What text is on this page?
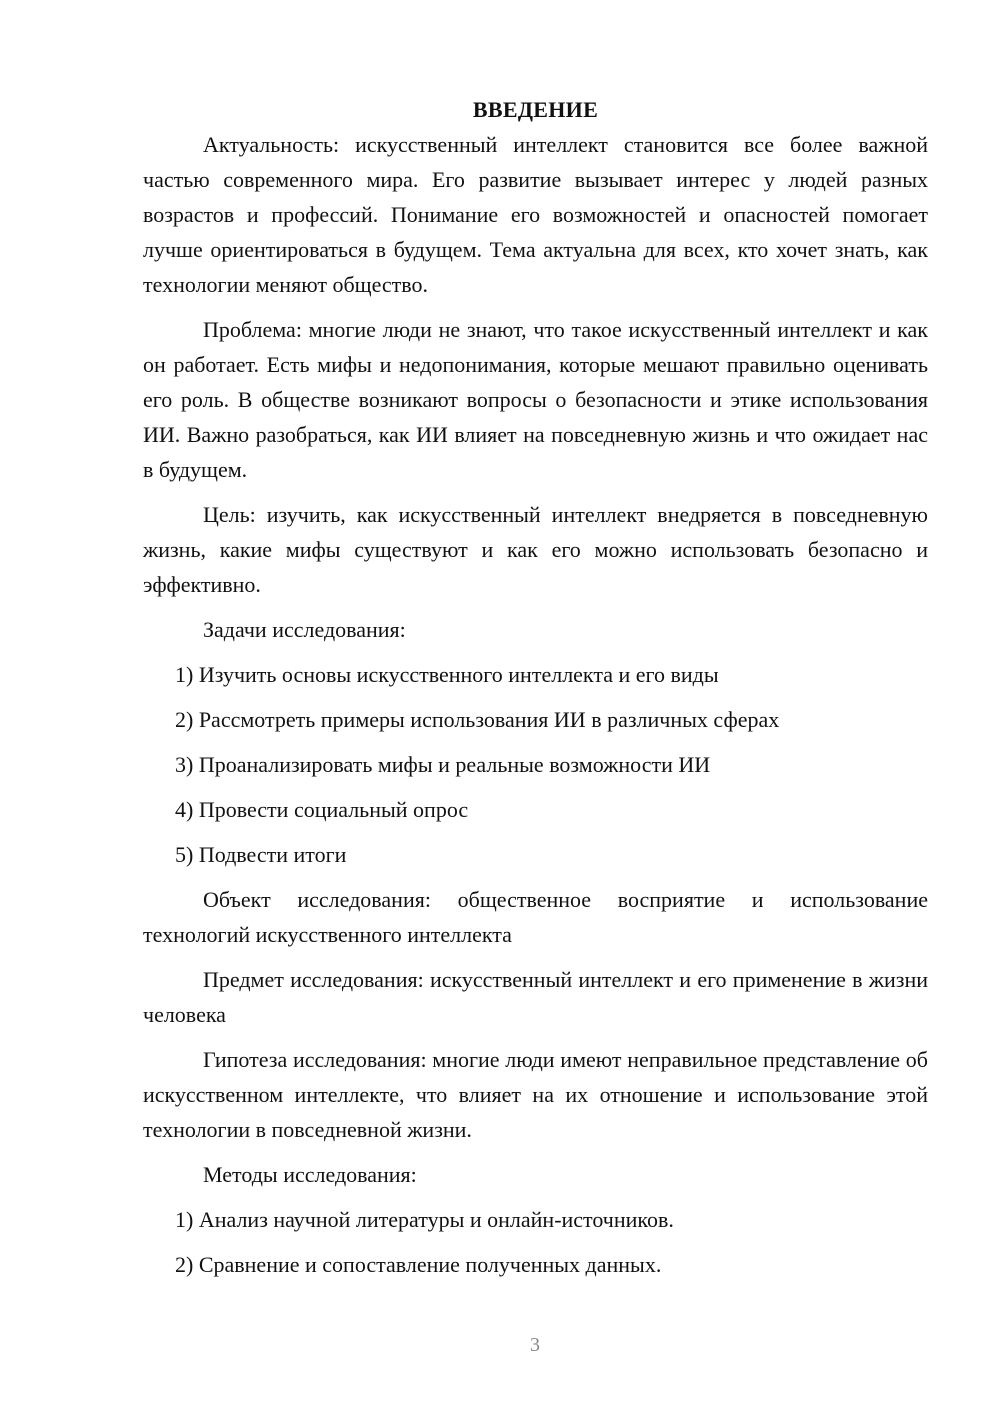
ВВЕДЕНИЕ

Актуальность: искусственный интеллект становится все более важной частью современного мира. Его развитие вызывает интерес у людей разных возрастов и профессий. Понимание его возможностей и опасностей помогает лучше ориентироваться в будущем. Тема актуальна для всех, кто хочет знать, как технологии меняют общество.

Проблема: многие люди не знают, что такое искусственный интеллект и как он работает. Есть мифы и недопонимания, которые мешают правильно оценивать его роль. В обществе возникают вопросы о безопасности и этике использования ИИ. Важно разобраться, как ИИ влияет на повседневную жизнь и что ожидает нас в будущем.

Цель: изучить, как искусственный интеллект внедряется в повседневную жизнь, какие мифы существуют и как его можно использовать безопасно и эффективно.

Задачи исследования:

1) Изучить основы искусственного интеллекта и его виды
2) Рассмотреть примеры использования ИИ в различных сферах
3) Проанализировать мифы и реальные возможности ИИ
4) Провести социальный опрос
5) Подвести итоги

Объект исследования: общественное восприятие и использование технологий искусственного интеллекта

Предмет исследования: искусственный интеллект и его применение в жизни человека

Гипотеза исследования: многие люди имеют неправильное представление об искусственном интеллекте, что влияет на их отношение и использование этой технологии в повседневной жизни.

Методы исследования:

1) Анализ научной литературы и онлайн-источников.
2) Сравнение и сопоставление полученных данных.
3
